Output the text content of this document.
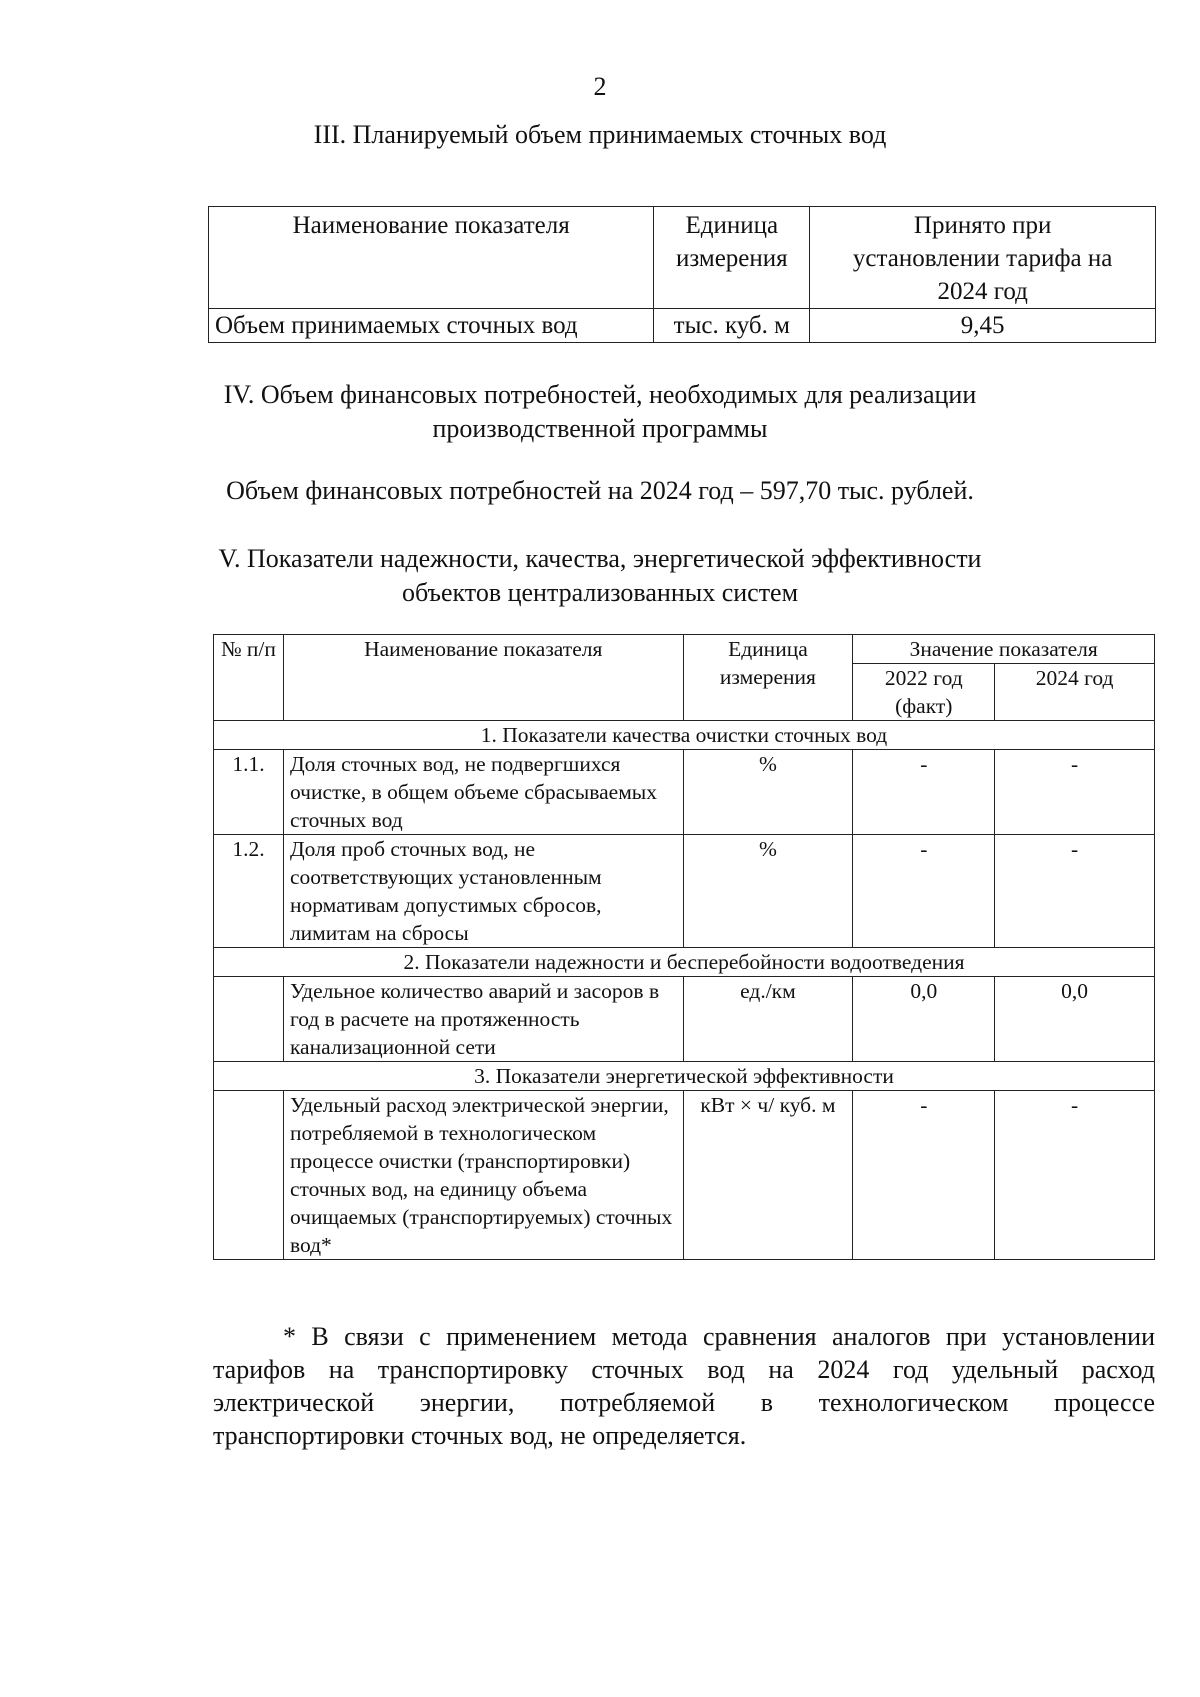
2
III. Планируемый объем принимаемых сточных вод
Наименование показателя	Единица измерения	Принято при установлении тарифа на 2024 год
Объем принимаемых сточных вод	тыс. куб. м	9,45
IV. Объем финансовых потребностей, необходимых для реализации
производственной программы
Объем финансовых потребностей на 2024 год – 597,70 тыс. рублей.
V. Показатели надежности, качества, энергетической эффективности
объектов централизованных систем
№ п/п	Наименование показателя	Единица измерения	Значение показателя	
			2022 год (факт)	2024 год
1. Показатели качества очистки сточных вод				
1.1.	Доля сточных вод, не подвергшихся очистке, в общем объеме сбрасываемых сточных вод	%	-	-
1.2.	Доля проб сточных вод, не соответствующих установленным нормативам допустимых сбросов, лимитам на сбросы	%	-	-
2. Показатели надежности и бесперебойности водоотведения				
	Удельное количество аварий и засоров в год в расчете на протяженность канализационной сети	ед./км	0,0	0,0
3. Показатели энергетической эффективности				
	Удельный расход электрической энергии, потребляемой в технологическом процессе очистки (транспортировки) сточных вод, на единицу объема очищаемых (транспортируемых) сточных вод*	кВт × ч/ куб. м	-	-
* В связи с применением метода сравнения аналогов при установлении тарифов на транспортировку сточных вод на 2024 год удельный расход электрической энергии, потребляемой в технологическом процессе транспортировки сточных вод, не определяется.
